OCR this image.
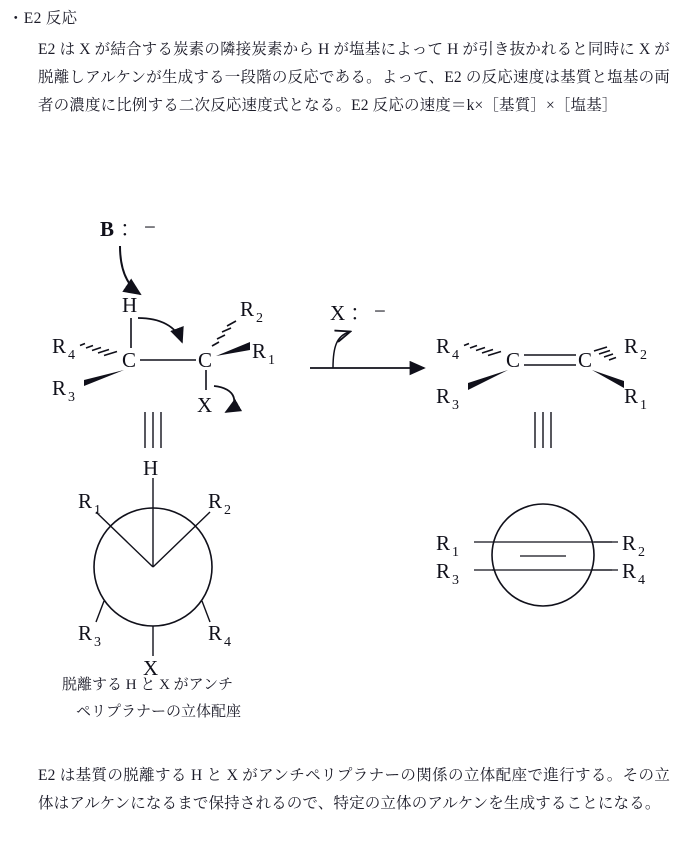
・E2 反応
E2 は X が結合する炭素の隣接炭素から H が塩基によって H が引き抜かれると同時に X が脱離しアルケンが生成する一段階の反応である。よって、E2 の反応速度は基質と塩基の両者の濃度に比例する二次反応速度式となる。E2 反応の速度＝k×［基質］×［塩基］
B ： −
H
C	C
R 4
R 3
R 2
R 1
X
X ： −
C	C
R 4
R 3
R 2
R 1
H
X
R 1	R 2
R 3	R 4
R 1	R 2
R 3	R 4
脱離する H と X がアンチ
ペリプラナーの立体配座
E2 は基質の脱離する H と X がアンチペリプラナーの関係の立体配座で進行する。その立体はアルケンになるまで保持されるので、特定の立体のアルケンを生成することになる。
